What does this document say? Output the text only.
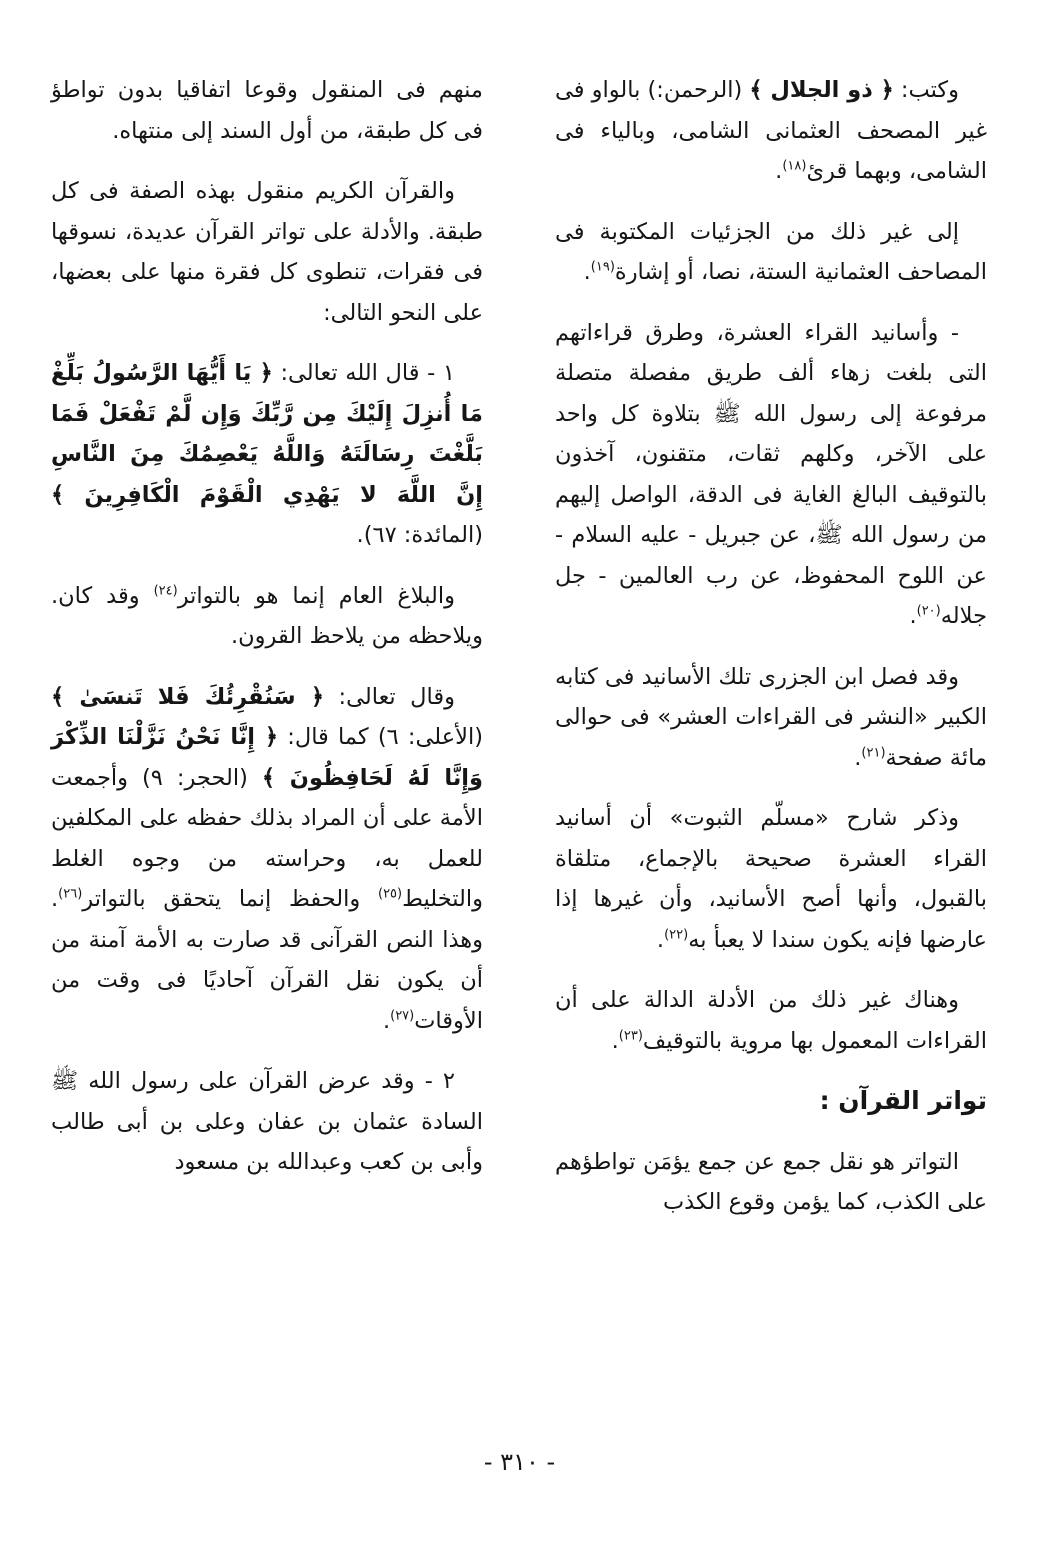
وكتب: ﴿ ذو الجلال ﴾ (الرحمن:) بالواو فى غير المصحف العثمانى الشامى، وبالياء فى الشامى، وبهما قرئ$^{(١٨)}$.

إلى غير ذلك من الجزئيات المكتوبة فى المصاحف العثمانية الستة، نصا، أو إشارة$^{(١٩)}$.

- وأسانيد القراء العشرة، وطرق قراءاتهم التى بلغت زهاء ألف طريق مفصلة متصلة مرفوعة إلى رسول الله ﷺ بتلاوة كل واحد على الآخر، وكلهم ثقات، متقنون، آخذون بالتوقيف البالغ الغاية فى الدقة، الواصل إليهم من رسول الله ﷺ، عن جبريل - عليه السلام - عن اللوح المحفوظ، عن رب العالمين - جل جلاله$^{(٢٠)}$.

وقد فصل ابن الجزرى تلك الأسانيد فى كتابه الكبير «النشر فى القراءات العشر» فى حوالى مائة صفحة$^{(٢١)}$.

وذكر شارح «مسلّم الثبوت» أن أسانيد القراء العشرة صحيحة بالإجماع، متلقاة بالقبول، وأنها أصح الأسانيد، وأن غيرها إذا عارضها فإنه يكون سندا لا يعبأ به$^{(٢٢)}$.

وهناك غير ذلك من الأدلة الدالة على أن القراءات المعمول بها مروية بالتوقيف$^{(٢٣)}$.

تواتر القرآن :

التواتر هو نقل جمع عن جمع يؤمَن تواطؤهم على الكذب، كما يؤمن وقوع الكذب

منهم فى المنقول وقوعا اتفاقيا بدون تواطؤ فى كل طبقة، من أول السند إلى منتهاه.

والقرآن الكريم منقول بهذه الصفة فى كل طبقة. والأدلة على تواتر القرآن عديدة، نسوقها فى فقرات، تنطوى كل فقرة منها على بعضها، على النحو التالى:

١ - قال الله تعالى: ﴿ يَا أَيُّهَا الرَّسُولُ بَلِّغْ مَا أُنزِلَ إِلَيْكَ مِن رَّبِّكَ وَإِن لَّمْ تَفْعَلْ فَمَا بَلَّغْتَ رِسَالَتَهُ وَاللَّهُ يَعْصِمُكَ مِنَ النَّاسِ إِنَّ اللَّهَ لا يَهْدِي الْقَوْمَ الْكَافِرِينَ ﴾ (المائدة: ٦٧).

والبلاغ العام إنما هو بالتواتر$^{(٢٤)}$ وقد كان. ويلاحظه من يلاحظ القرون.

وقال تعالى: ﴿ سَنُقْرِئُكَ فَلا تَنسَىٰ ﴾ (الأعلى: ٦) كما قال: ﴿ إِنَّا نَحْنُ نَزَّلْنَا الذِّكْرَ وَإِنَّا لَهُ لَحَافِظُونَ ﴾ (الحجر: ٩) وأجمعت الأمة على أن المراد بذلك حفظه على المكلفين للعمل به، وحراسته من وجوه الغلط والتخليط$^{(٢٥)}$ والحفظ إنما يتحقق بالتواتر$^{(٢٦)}$. وهذا النص القرآنى قد صارت به الأمة آمنة من أن يكون نقل القرآن آحاديًا فى وقت من الأوقات$^{(٢٧)}$.

٢ - وقد عرض القرآن على رسول الله ﷺ السادة عثمان بن عفان وعلى بن أبى طالب وأبى بن كعب وعبدالله بن مسعود

- ٣١٠ -
